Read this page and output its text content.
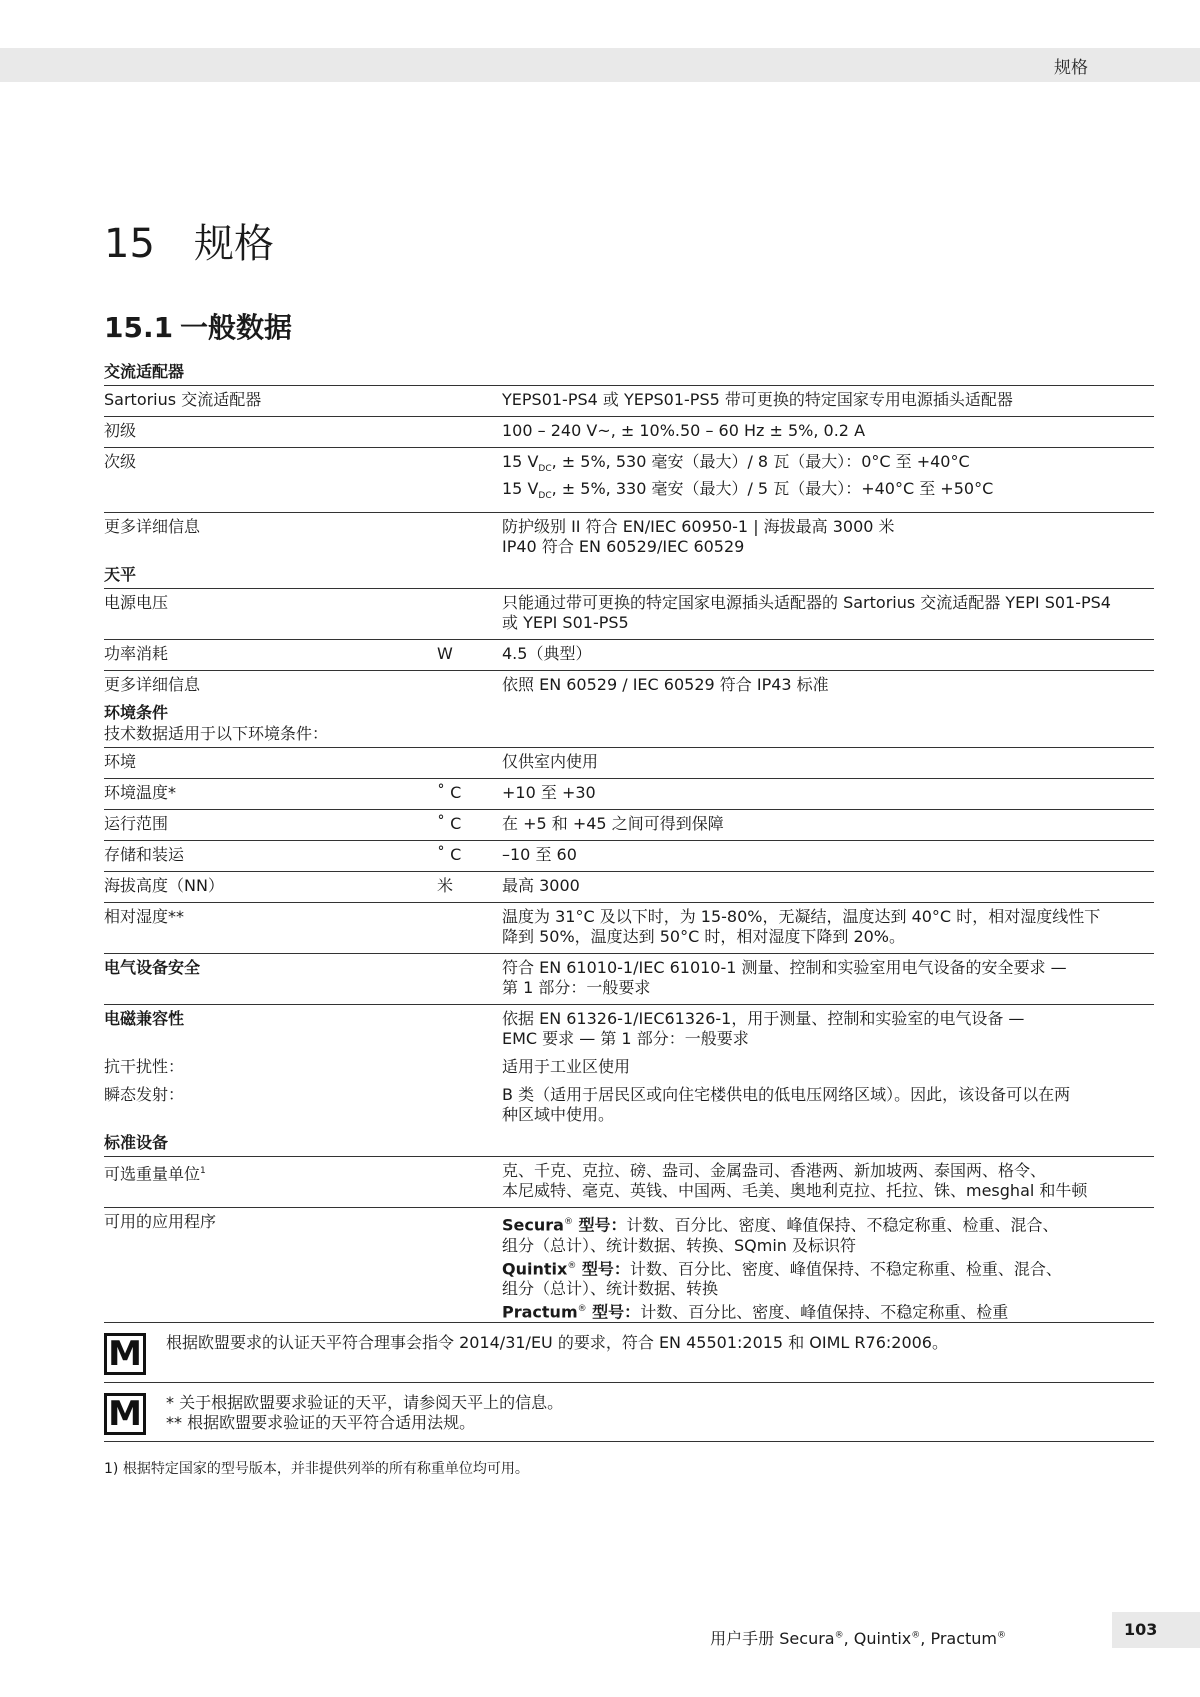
规格
15 规格
15.1 一般数据
交流适配器
Sartorius 交流适配器	YEPS01-PS4 或 YEPS01-PS5 带可更换的特定国家专用电源插头适配器
初级	100 – 240 V~, ± 10%.50 – 60 Hz ± 5%, 0.2 A
次级	15 $V_{DC}$, ± 5%, 530 毫安（最大）/ 8 瓦（最大）：0°C 至 +40°C
15 $V_{DC}$, ± 5%, 330 毫安（最大）/ 5 瓦（最大）：+40°C 至 +50°C
更多详细信息	防护级别 II 符合 EN/IEC 60950-1 | 海拔最高 3000 米
IP40 符合 EN 60529/IEC 60529
天平
电源电压	只能通过带可更换的特定国家电源插头适配器的 Sartorius 交流适配器 YEPI S01-PS4
或 YEPI S01-PS5
功率消耗	W	4.5（典型）
更多详细信息	依照 EN 60529 / IEC 60529 符合 IP43 标准
环境条件
技术数据适用于以下环境条件：
环境	仅供室内使用
环境温度*	˚ C	+10 至 +30
运行范围	˚ C	在 +5 和 +45 之间可得到保障
存储和装运	˚ C	–10 至 60
海拔高度（NN）	米	最高 3000
相对湿度**	温度为 31°C 及以下时，为 15-80%，无凝结，温度达到 40°C 时，相对湿度线性下
降到 50%，温度达到 50°C 时，相对湿度下降到 20%。
电气设备安全	符合 EN 61010-1/IEC 61010-1 测量、控制和实验室用电气设备的安全要求 —
第 1 部分：一般要求
电磁兼容性	依据 EN 61326-1/IEC61326-1，用于测量、控制和实验室的电气设备 —
EMC 要求 — 第 1 部分：一般要求
抗干扰性：	适用于工业区使用
瞬态发射：	B 类（适用于居民区或向住宅楼供电的低电压网络区域）。因此，该设备可以在两
种区域中使用。
标准设备
可选重量单位$^1$	克、千克、克拉、磅、盎司、金属盎司、香港两、新加坡两、泰国两、格令、
本尼威特、毫克、英钱、中国两、毛美、奥地利克拉、托拉、铢、mesghal 和牛顿
可用的应用程序	Secura® 型号：计数、百分比、密度、峰值保持、不稳定称重、检重、混合、
组分（总计）、统计数据、转换、SQmin 及标识符
Quintix® 型号：计数、百分比、密度、峰值保持、不稳定称重、检重、混合、
组分（总计）、统计数据、转换
Practum® 型号：计数、百分比、密度、峰值保持、不稳定称重、检重
M 根据欧盟要求的认证天平符合理事会指令 2014/31/EU 的要求，符合 EN 45501:2015 和 OIML R76:2006。
M * 关于根据欧盟要求验证的天平，请参阅天平上的信息。
** 根据欧盟要求验证的天平符合适用法规。
1) 根据特定国家的型号版本，并非提供列举的所有称重单位均可用。
用户手册 Secura®, Quintix®, Practum®	103
